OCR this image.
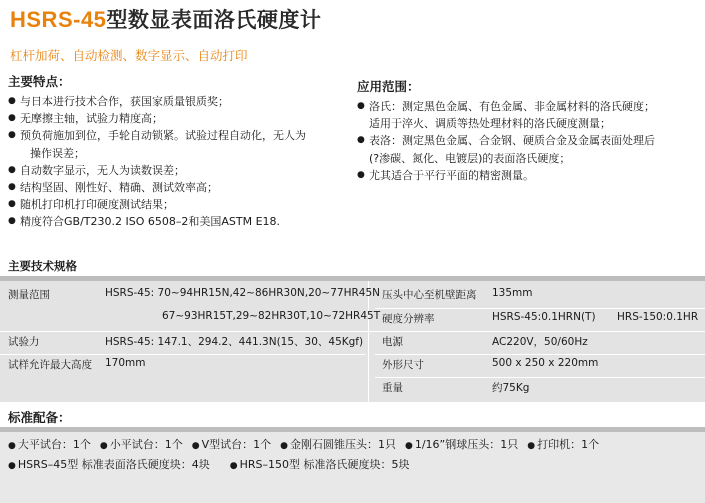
HSRS-45型数显表面洛氏硬度计
杠杆加荷、自动检测、数字显示、自动打印
主要特点：
● 与日本进行技术合作，获国家质量银质奖；
● 无摩擦主轴，试验力精度高；
● 预负荷施加到位，手轮自动锁紧。试验过程自动化，无人为
操作误差；
● 自动数字显示，无人为读数误差；
● 结构坚固、刚性好、精确、测试效率高；
● 随机打印机打印硬度测试结果；
● 精度符合GB/T230.2 ISO 6508–2和美国ASTM E18.
应用范围：
● 洛氏：测定黑色金属、有色金属、非金属材料的洛氏硬度；
适用于淬火、调质等热处理材料的洛氏硬度测量；
● 表洛：测定黑色金属、合金钢、硬质合金及金属表面处理后
(?渗碳、氮化、电镀层)的表面洛氏硬度；
● 尤其适合于平行平面的精密测量。
主要技术规格
测量范围	HSRS-45: 70~94HR15N,42~86HR30N,20~77HR45N
67~93HR15T,29~82HR30T,10~72HR45T
试验力	HSRS-45: 147.1、294.2、441.3N(15、30、45Kgf)
试样允许最大高度 170mm
压头中心至机壁距离 135mm
硬度分辨率	HSRS-45:0.1HRN(T) HRS-150:0.1HR
电源	AC220V，50/60Hz
外形尺寸	500 x 250 x 220mm
重量	约75Kg
标准配备：
● 大平试台：1个 ● 小平试台：1个 ● V型试台：1个 ● 金刚石圆锥压头：1只 ● 1/16”钢球压头：1只 ● 打印机：1个
● HSRS–45型 标准表面洛氏硬度块：4块	● HRS–150型 标准洛氏硬度块：5块
